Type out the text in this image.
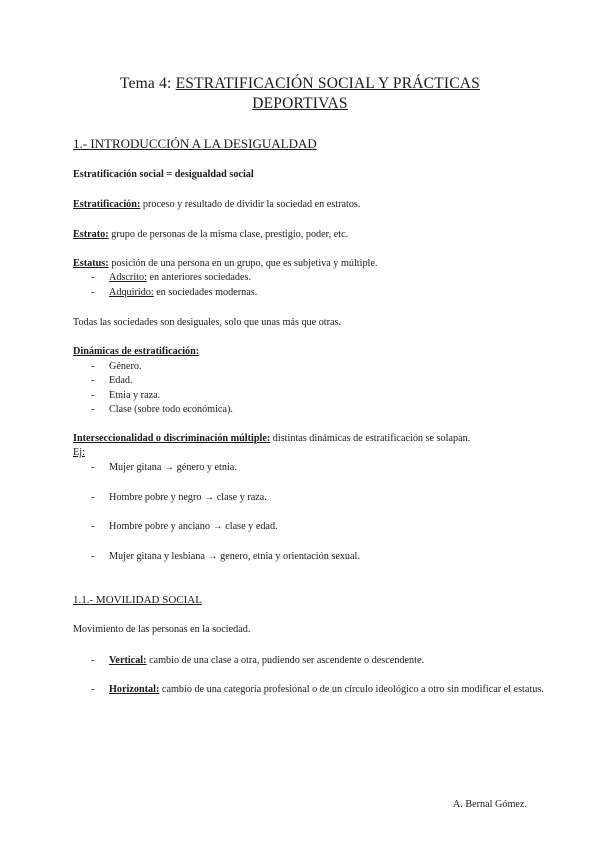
Tema 4: ESTRATIFICACIÓN SOCIAL Y PRÁCTICAS
DEPORTIVAS
1.- INTRODUCCIÓN A LA DESIGUALDAD
Estratificación social = desigualdad social
Estratificación: proceso y resultado de dividir la sociedad en estratos.
Estrato: grupo de personas de la misma clase, prestigio, poder, etc.
Estatus: posición de una persona en un grupo, que es subjetiva y múltiple.
- Adscrito: en anteriores sociedades.
- Adquirido: en sociedades modernas.
Todas las sociedades son desiguales, solo que unas más que otras.
Dinámicas de estratificación:
- Género.
- Edad.
- Etnia y raza.
- Clase (sobre todo económica).
Interseccionalidad o discriminación múltiple: distintas dinámicas de estratificación se solapan.
Ej:
- Mujer gitana → género y etnia.
- Hombre pobre y negro → clase y raza.
- Hombre pobre y anciano → clase y edad.
- Mujer gitana y lesbiana → genero, etnia y orientación sexual.
1.1.- MOVILIDAD SOCIAL
Movimiento de las personas en la sociedad.
- Vertical: cambio de una clase a otra, pudiendo ser ascendente o descendente.
- Horizontal: cambio de una categoría profesional o de un círculo ideológico a otro sin modificar el estatus.
A. Bernal Gómez.
